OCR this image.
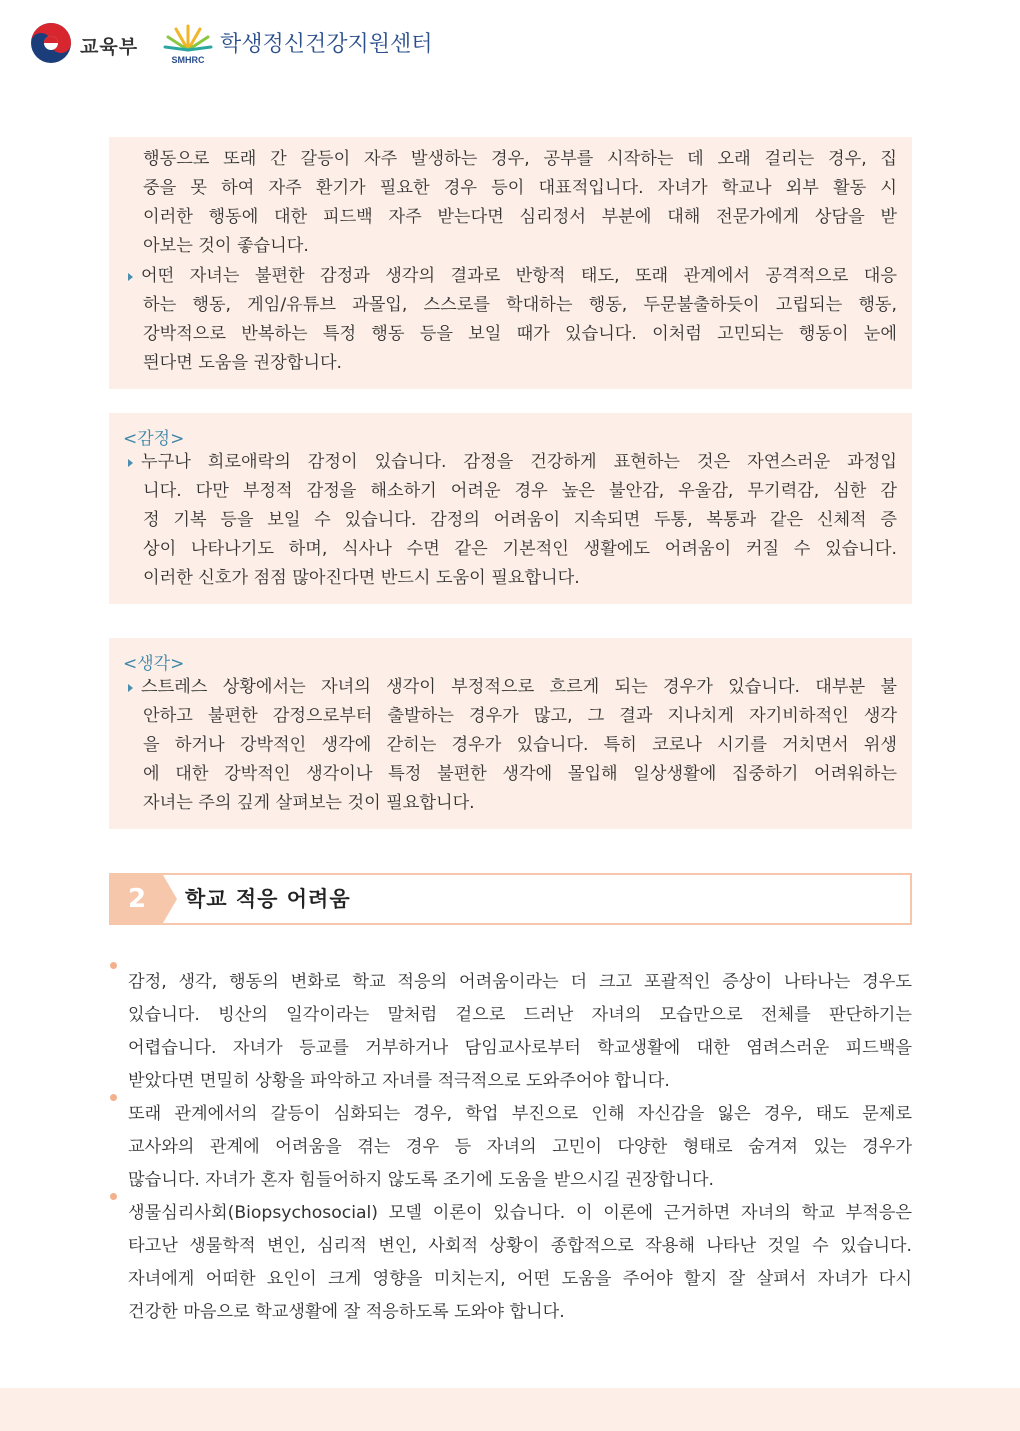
교육부
SMHRC
학생정신건강지원센터

행동으로 또래 간 갈등이 자주 발생하는 경우, 공부를 시작하는 데 오래 걸리는 경우, 집

중을 못 하여 자주 환기가 필요한 경우 등이 대표적입니다. 자녀가 학교나 외부 활동 시

이러한 행동에 대한 피드백 자주 받는다면 심리정서 부분에 대해 전문가에게 상담을 받

아보는 것이 좋습니다.

어떤 자녀는 불편한 감정과 생각의 결과로 반항적 태도, 또래 관계에서 공격적으로 대응

하는 행동, 게임/유튜브 과몰입, 스스로를 학대하는 행동, 두문불출하듯이 고립되는 행동,

강박적으로 반복하는 특정 행동 등을 보일 때가 있습니다. 이처럼 고민되는 행동이 눈에

띈다면 도움을 권장합니다.

<감정>

누구나 희로애락의 감정이 있습니다. 감정을 건강하게 표현하는 것은 자연스러운 과정입

니다. 다만 부정적 감정을 해소하기 어려운 경우 높은 불안감, 우울감, 무기력감, 심한 감

정 기복 등을 보일 수 있습니다. 감정의 어려움이 지속되면 두통, 복통과 같은 신체적 증

상이 나타나기도 하며, 식사나 수면 같은 기본적인 생활에도 어려움이 커질 수 있습니다.

이러한 신호가 점점 많아진다면 반드시 도움이 필요합니다.

<생각>

스트레스 상황에서는 자녀의 생각이 부정적으로 흐르게 되는 경우가 있습니다. 대부분 불

안하고 불편한 감정으로부터 출발하는 경우가 많고, 그 결과 지나치게 자기비하적인 생각

을 하거나 강박적인 생각에 갇히는 경우가 있습니다. 특히 코로나 시기를 거치면서 위생

에 대한 강박적인 생각이나 특정 불편한 생각에 몰입해 일상생활에 집중하기 어려워하는

자녀는 주의 깊게 살펴보는 것이 필요합니다.

2	학교 적응 어려움

감정, 생각, 행동의 변화로 학교 적응의 어려움이라는 더 크고 포괄적인 증상이 나타나는 경우도

있습니다. 빙산의 일각이라는 말처럼 겉으로 드러난 자녀의 모습만으로 전체를 판단하기는

어렵습니다. 자녀가 등교를 거부하거나 담임교사로부터 학교생활에 대한 염려스러운 피드백을

받았다면 면밀히 상황을 파악하고 자녀를 적극적으로 도와주어야 합니다.

또래 관계에서의 갈등이 심화되는 경우, 학업 부진으로 인해 자신감을 잃은 경우, 태도 문제로

교사와의 관계에 어려움을 겪는 경우 등 자녀의 고민이 다양한 형태로 숨겨져 있는 경우가

많습니다. 자녀가 혼자 힘들어하지 않도록 조기에 도움을 받으시길 권장합니다.

생물심리사회(Biopsychosocial) 모델 이론이 있습니다. 이 이론에 근거하면 자녀의 학교 부적응은

타고난 생물학적 변인, 심리적 변인, 사회적 상황이 종합적으로 작용해 나타난 것일 수 있습니다.

자녀에게 어떠한 요인이 크게 영향을 미치는지, 어떤 도움을 주어야 할지 잘 살펴서 자녀가 다시

건강한 마음으로 학교생활에 잘 적응하도록 도와야 합니다.
